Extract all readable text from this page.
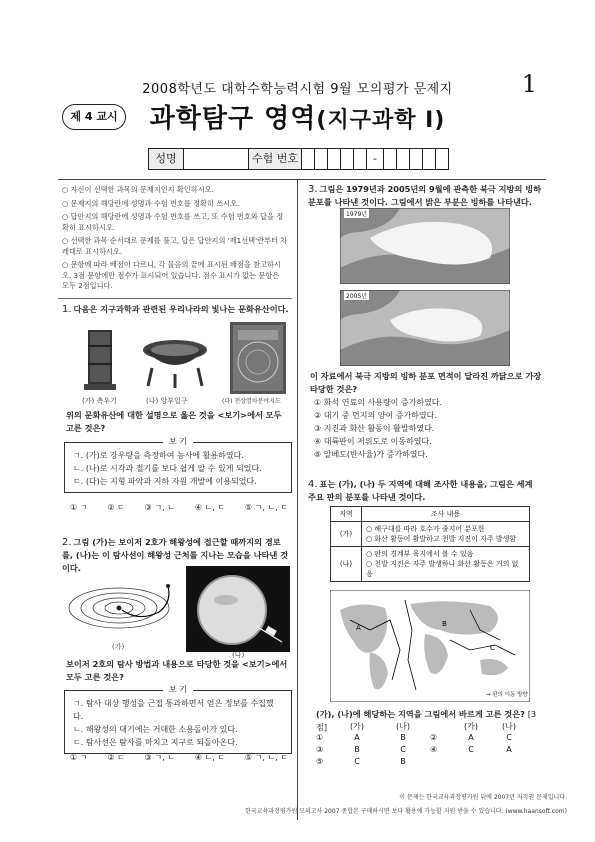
2008학년도 대학수학능력시험 9월 모의평가 문제지	1
제 4 교시	과학탐구 영역(지구과학 I)
성명	수험 번호	-
○ 자신이 선택한 과목의 문제지인지 확인하시오.
○ 문제지의 해당란에 성명과 수험 번호를 정확히 쓰시오.
○ 답안지의 해당란에 성명과 수험 번호를 쓰고, 또 수험 번호와 답을 정확히 표시하시오.
○ 선택한 과목 순서대로 문제를 풀고, 답은 답안지의 '제1선택'란부터 차례대로 표시하시오.
○ 문항에 따라 배점이 다르니, 각 물음의 끝에 표시된 배점을 참고하시오. 3점 문항에만 점수가 표시되어 있습니다. 점수 표시가 없는 문항은 모두 2점입니다.
1. 다음은 지구과학과 관련된 우리나라의 빛나는 문화유산이다.
(가) 측우기	(나) 앙부일구	(다) 천상열차분야지도
위의 문화유산에 대한 설명으로 옳은 것을 <보기>에서 모두 고른 것은?
보 기
ㄱ. (가)로 강우량을 측정하여 농사에 활용하였다.
ㄴ. (나)로 시각과 절기를 보다 쉽게 알 수 있게 되었다.
ㄷ. (다)는 지형 파악과 지하 자원 개발에 이용되었다.
① ㄱ ② ㄷ ③ ㄱ, ㄴ ④ ㄴ, ㄷ ⑤ ㄱ, ㄴ, ㄷ
2. 그림 (가)는 보이저 2호가 해왕성에 접근할 때까지의 경로를, (나)는 이 탐사선이 해왕성 근처를 지나는 모습을 나타낸 것이다.
(가)
(나)
보이저 2호의 탐사 방법과 내용으로 타당한 것을 <보기>에서 모두 고른 것은?
보 기
ㄱ. 탐사 대상 행성을 근접 통과하면서 얻은 정보를 수집했다.
ㄴ. 해왕성의 대기에는 거대한 소용돌이가 있다.
ㄷ. 탐사선은 탐사를 마치고 지구로 되돌아온다.
① ㄱ ② ㄷ ③ ㄱ, ㄴ ④ ㄴ, ㄷ ⑤ ㄱ, ㄴ, ㄷ
3. 그림은 1979년과 2005년의 9월에 관측한 북극 지방의 빙하 분포를 나타낸 것이다. 그림에서 밝은 부분은 빙하를 나타낸다.
1979년
2005년
이 자료에서 북극 지방의 빙하 분포 면적이 달라진 까닭으로 가장 타당한 것은?
① 화석 연료의 사용량이 증가하였다.
② 대기 중 먼지의 양이 증가하였다.
③ 지진과 화산 활동이 활발하였다.
④ 대륙판이 저위도로 이동하였다.
⑤ 알베도(반사율)가 증가하였다.
4. 표는 (가), (나) 두 지역에 대해 조사한 내용을, 그림은 세계 주요 판의 분포를 나타낸 것이다.
지역	조사 내용
(가)	○ 해구대를 따라 호수가 줄지어 분포한
○ 화산 활동이 활발하고 천발 지진이 자주 발생함

(나)	○ 판의 경계부 육지에서 볼 수 있음
○ 천발 지진은 자주 발생하나 화산 활동은 거의 없음
A	B
C
→ 판의 이동 방향
(가), (나)에 해당하는 지역을 그림에서 바르게 고른 것은? [3점]	(가)	(나)	(가)	(나)
①	A	B	②	A	C
③	B	C	④	C	A
⑤	C	B
이 문제는 한국교육과정평가원 뒤에 2007년 저작권 문제입니다.
한국교육과정평가원 모의고사 2007 종합본 구매하시면 보다 활용에 가능할 지원 받을 수 있습니다. (www.haansoft.com)
